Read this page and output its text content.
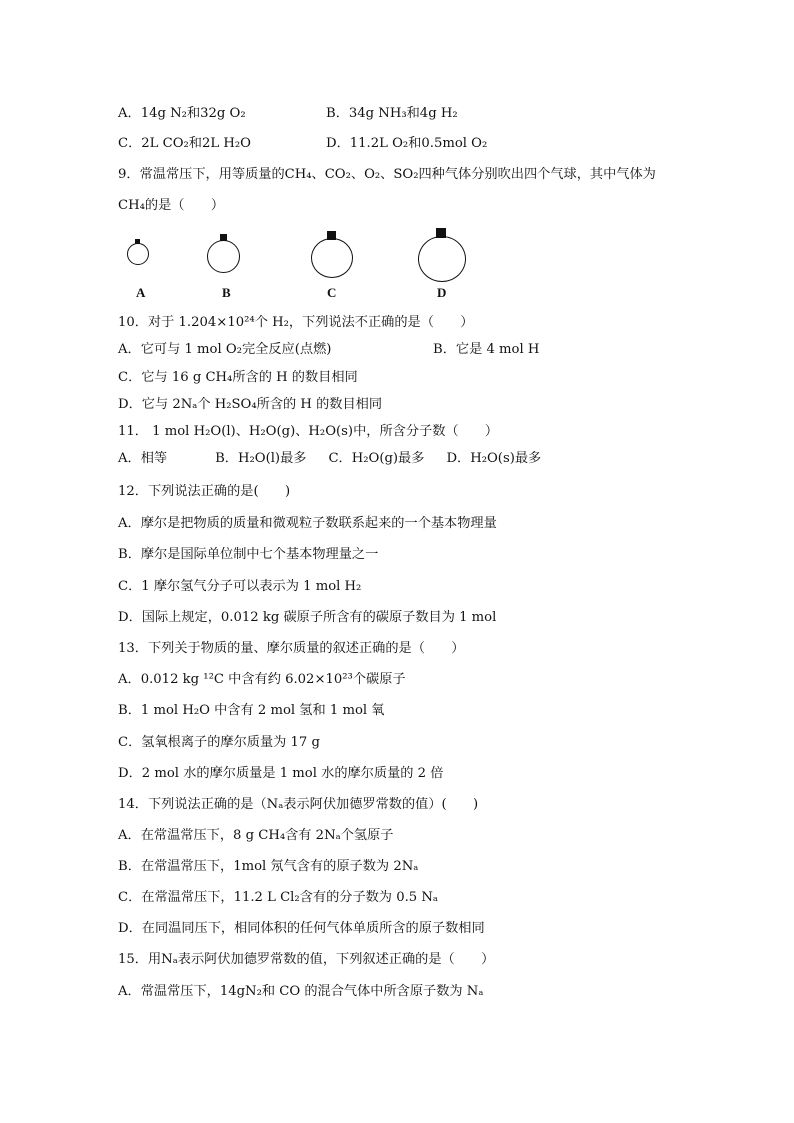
A．14g N₂和32g O₂	B．34g NH₃和4g H₂
C．2L CO₂和2L H₂O	D．11.2L O₂和0.5mol O₂
9．常温常压下，用等质量的CH₄、CO₂、O₂、SO₂四种气体分别吹出四个气球，其中气体为
CH₄的是（　　）
A	B	C	D
10．对于 1.204×10²⁴个 H₂，下列说法不正确的是（　　）
A．它可与 1 mol O₂完全反应(点燃)	B．它是 4 mol H
C．它与 16 g CH₄所含的 H 的数目相同
D．它与 2Nₐ个 H₂SO₄所含的 H 的数目相同
11． 1 mol H₂O(l)、H₂O(g)、H₂O(s)中，所含分子数（　　）
A．相等	B．H₂O(l)最多 C．H₂O(g)最多 D．H₂O(s)最多
12．下列说法正确的是(　　)
A．摩尔是把物质的质量和微观粒子数联系起来的一个基本物理量
B．摩尔是国际单位制中七个基本物理量之一
C．1 摩尔氢气分子可以表示为 1 mol H₂
D．国际上规定，0.012 kg 碳原子所含有的碳原子数目为 1 mol
13．下列关于物质的量、摩尔质量的叙述正确的是（　　）
A．0.012 kg ¹²C 中含有约 6.02×10²³个碳原子
B．1 mol H₂O 中含有 2 mol 氢和 1 mol 氧
C．氢氧根离子的摩尔质量为 17 g
D．2 mol 水的摩尔质量是 1 mol 水的摩尔质量的 2 倍
14．下列说法正确的是（Nₐ表示阿伏加德罗常数的值）(　　)
A．在常温常压下，8 g CH₄含有 2Nₐ个氢原子
B．在常温常压下，1mol 氖气含有的原子数为 2Nₐ
C．在常温常压下，11.2 L Cl₂含有的分子数为 0.5 Nₐ
D．在同温同压下，相同体积的任何气体单质所含的原子数相同
15．用Nₐ表示阿伏加德罗常数的值，下列叙述正确的是（　　）
A．常温常压下，14gN₂和 CO 的混合气体中所含原子数为 Nₐ
